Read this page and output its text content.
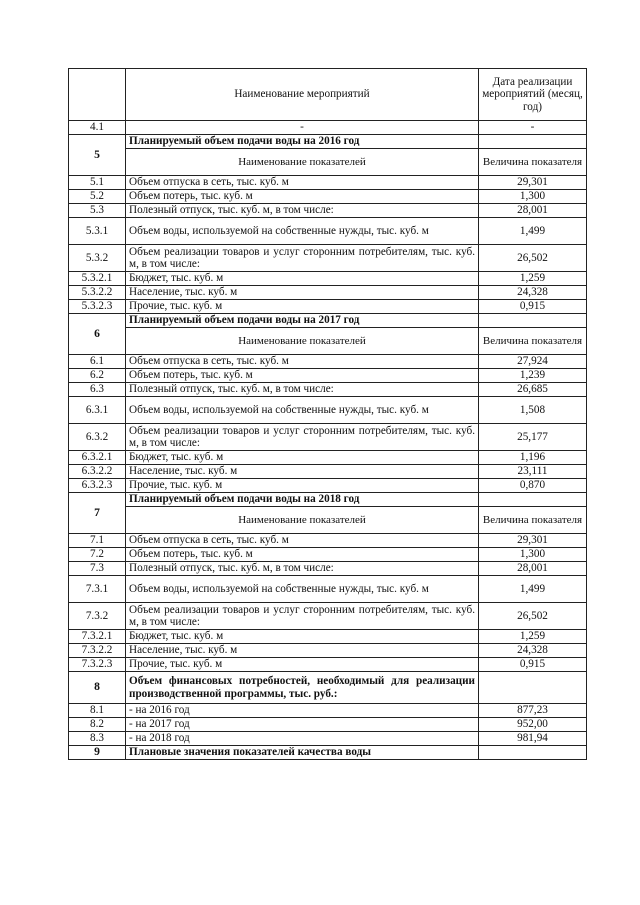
	Наименование мероприятий	Дата реализации мероприятий (месяц, год)
4.1	-	-
5	Планируемый объем подачи воды на 2016 год	
	Наименование показателей	Величина показателя
5.1	Объем отпуска в сеть, тыс. куб. м	29,301
5.2	Объем потерь, тыс. куб. м	1,300
5.3	Полезный отпуск, тыс. куб. м, в том числе:	28,001
5.3.1	Объем воды, используемой на собственные нужды, тыс. куб. м	1,499
5.3.2	Объем реализации товаров и услуг сторонним потребителям, тыс. куб. м, в том числе:	26,502
5.3.2.1	Бюджет, тыс. куб. м	1,259
5.3.2.2	Население, тыс. куб. м	24,328
5.3.2.3	Прочие, тыс. куб. м	0,915
6	Планируемый объем подачи воды на 2017 год	
	Наименование показателей	Величина показателя
6.1	Объем отпуска в сеть, тыс. куб. м	27,924
6.2	Объем потерь, тыс. куб. м	1,239
6.3	Полезный отпуск, тыс. куб. м, в том числе:	26,685
6.3.1	Объем воды, используемой на собственные нужды, тыс. куб. м	1,508
6.3.2	Объем реализации товаров и услуг сторонним потребителям, тыс. куб. м, в том числе:	25,177
6.3.2.1	Бюджет, тыс. куб. м	1,196
6.3.2.2	Население, тыс. куб. м	23,111
6.3.2.3	Прочие, тыс. куб. м	0,870
7	Планируемый объем подачи воды на 2018 год	
	Наименование показателей	Величина показателя
7.1	Объем отпуска в сеть, тыс. куб. м	29,301
7.2	Объем потерь, тыс. куб. м	1,300
7.3	Полезный отпуск, тыс. куб. м, в том числе:	28,001
7.3.1	Объем воды, используемой на собственные нужды, тыс. куб. м	1,499
7.3.2	Объем реализации товаров и услуг сторонним потребителям, тыс. куб. м, в том числе:	26,502
7.3.2.1	Бюджет, тыс. куб. м	1,259
7.3.2.2	Население, тыс. куб. м	24,328
7.3.2.3	Прочие, тыс. куб. м	0,915
8	Объем финансовых потребностей, необходимый для реализации производственной программы, тыс. руб.:	
8.1	- на 2016 год	877,23
8.2	- на 2017 год	952,00
8.3	- на 2018 год	981,94
9	Плановые значения показателей качества воды	
